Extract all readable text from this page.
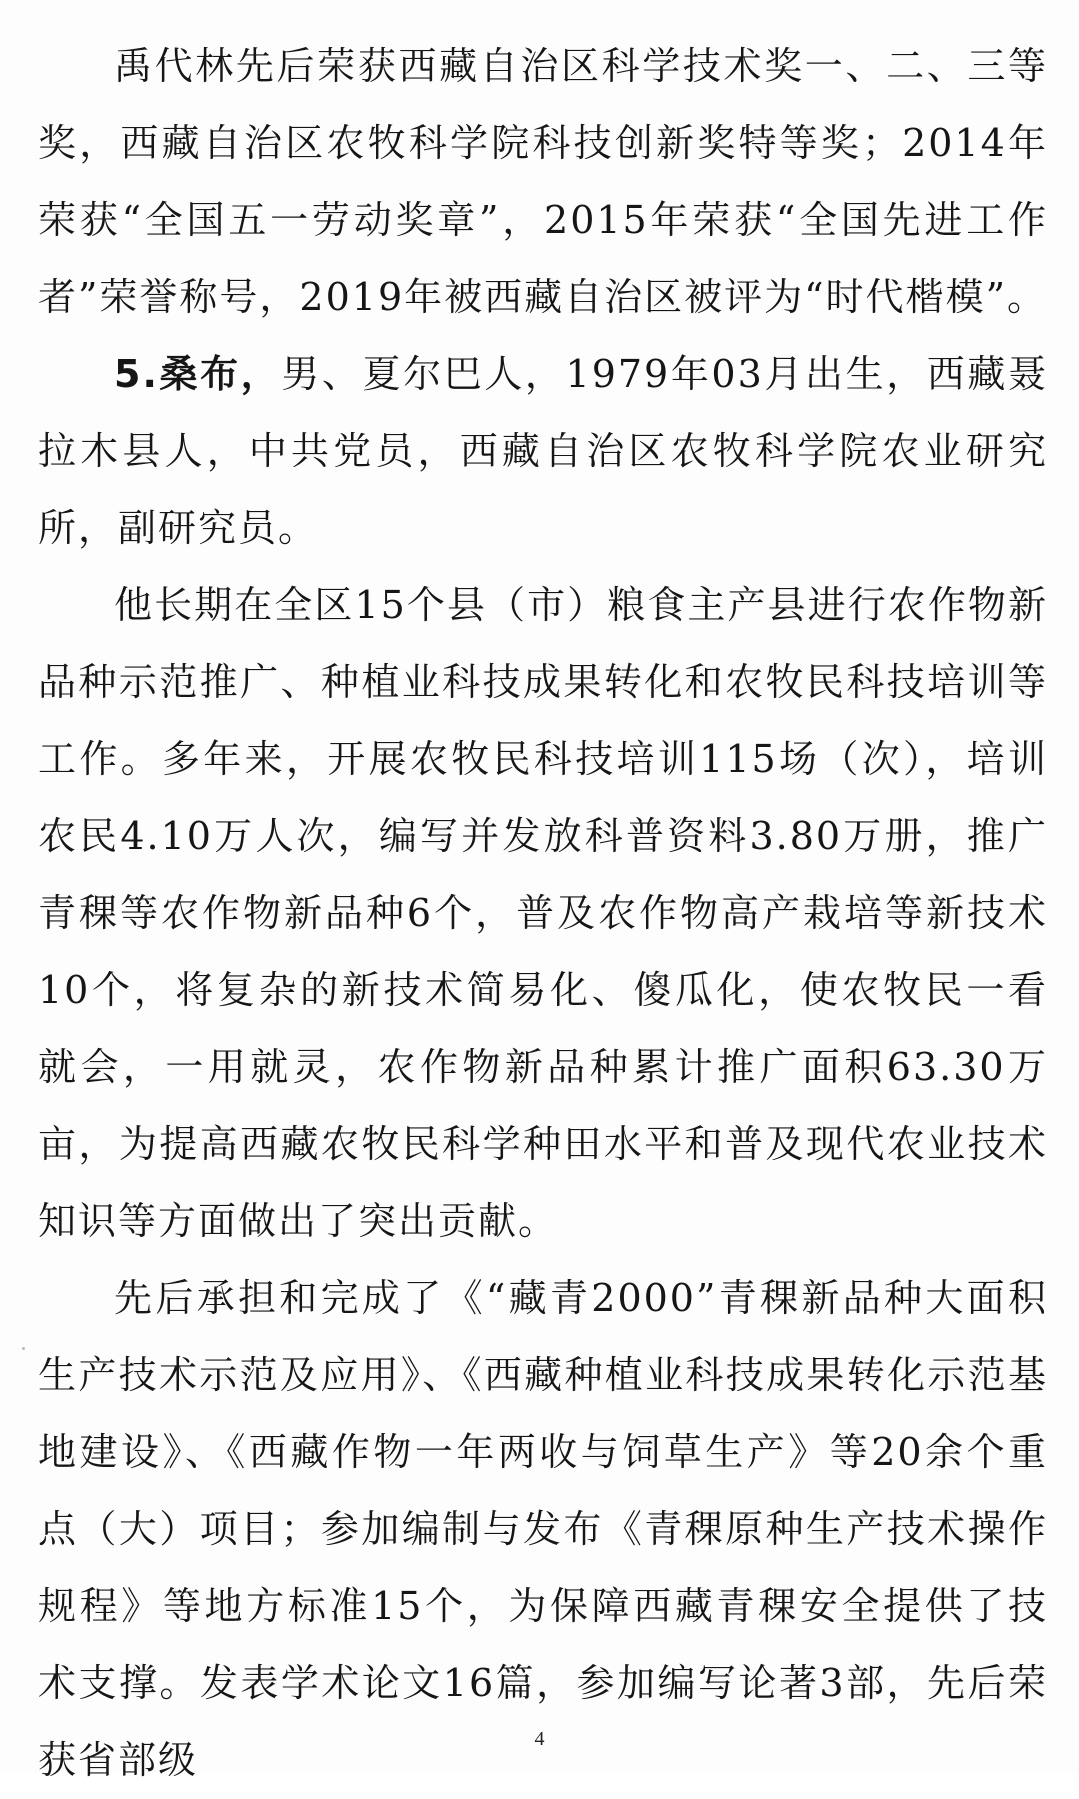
禹代林先后荣获西藏自治区科学技术奖一、二、三等奖，西藏自治区农牧科学院科技创新奖特等奖；2014年荣获“全国五一劳动奖章”，2015年荣获“全国先进工作者”荣誉称号，2019年被西藏自治区被评为“时代楷模”。

5.桑布，男、夏尔巴人，1979年03月出生，西藏聂拉木县人，中共党员，西藏自治区农牧科学院农业研究所，副研究员。

他长期在全区15个县（市）粮食主产县进行农作物新品种示范推广、种植业科技成果转化和农牧民科技培训等工作。多年来，开展农牧民科技培训115场（次），培训农民4.10万人次，编写并发放科普资料3.80万册，推广青稞等农作物新品种6个，普及农作物高产栽培等新技术10个，将复杂的新技术简易化、傻瓜化，使农牧民一看就会，一用就灵，农作物新品种累计推广面积63.30万亩，为提高西藏农牧民科学种田水平和普及现代农业技术知识等方面做出了突出贡献。

先后承担和完成了《“藏青2000”青稞新品种大面积生产技术示范及应用》、《西藏种植业科技成果转化示范基地建设》、《西藏作物一年两收与饲草生产》等20余个重点（大）项目；参加编制与发布《青稞原种生产技术操作规程》等地方标准15个，为保障西藏青稞安全提供了技术支撑。发表学术论文16篇，参加编写论著3部，先后荣获省部级	4
